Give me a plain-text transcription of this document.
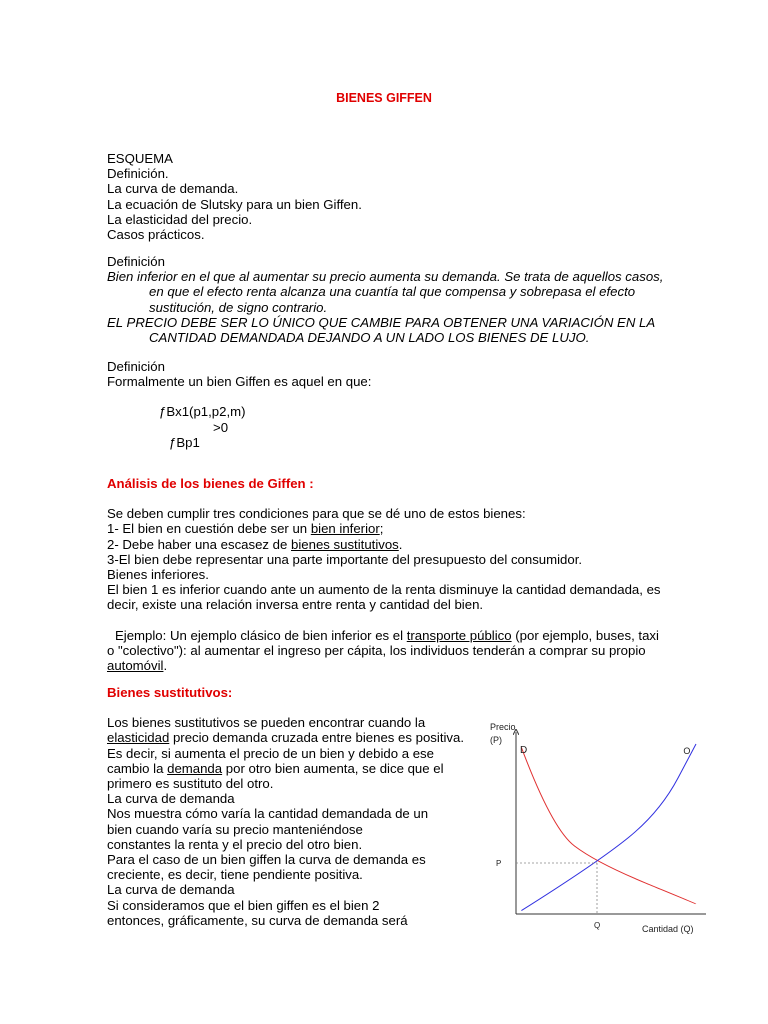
BIENES GIFFEN

ESQUEMA

Definición.

La curva de demanda.

La ecuación de Slutsky para un bien Giffen.

La elasticidad del precio.

Casos prácticos.

Definición

Bien inferior en el que al aumentar su precio aumenta su demanda. Se trata de aquellos casos, en que el efecto renta alcanza una cuantía tal que compensa y sobrepasa el efecto sustitución, de signo contrario.

EL PRECIO DEBE SER LO ÚNICO QUE CAMBIE PARA OBTENER UNA VARIACIÓN EN LA CANTIDAD DEMANDADA DEJANDO A UN LADO LOS BIENES DE LUJO.

Definición

Formalmente un bien Giffen es aquel en que:

ƒBx1(p1,p2,m)

>0

ƒBp1

Análisis de los bienes de Giffen :

Se deben cumplir tres condiciones para que se dé uno de estos bienes:

1- El bien en cuestión debe ser un bien inferior;

2- Debe haber una escasez de bienes sustitutivos.

3-El bien debe representar una parte importante del presupuesto del consumidor.

Bienes inferiores.

El bien 1 es inferior cuando ante un aumento de la renta disminuye la cantidad demandada, es decir, existe una relación inversa entre renta y cantidad del bien.

Ejemplo: Un ejemplo clásico de bien inferior es el transporte público (por ejemplo, buses, taxi o "colectivo"): al aumentar el ingreso per cápita, los individuos tenderán a comprar su propio automóvil.

Bienes sustitutivos:

Los bienes sustitutivos se pueden encontrar cuando la elasticidad precio demanda cruzada entre bienes es positiva. Es decir, si aumenta el precio de un bien y debido a ese cambio la demanda por otro bien aumenta, se dice que el primero es sustituto del otro.

La curva de demanda

Nos muestra cómo varía la cantidad demandada de un bien cuando varía su precio manteniéndose

constantes la renta y el precio del otro bien.

Para el caso de un bien giffen la curva de demanda es creciente, es decir, tiene pendiente positiva.

La curva de demanda

Si consideramos que el bien giffen es el bien 2 entonces, gráficamente, su curva de demanda será

Precio
(P)
D	O
P
Q	Cantidad (Q)
